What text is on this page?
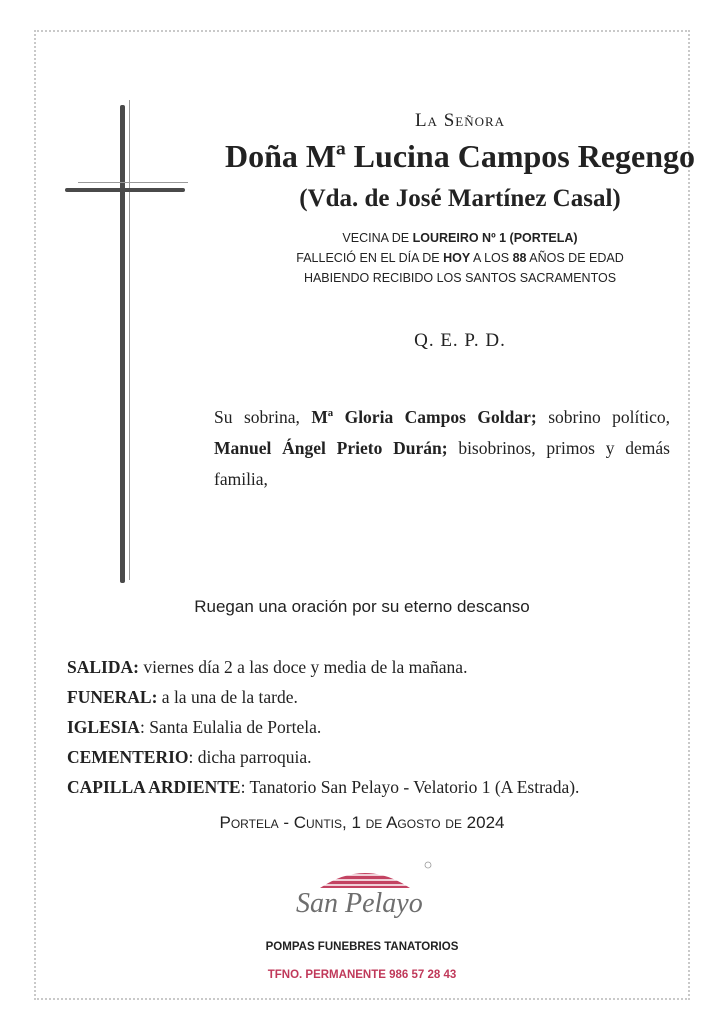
La Señora
Doña Mª Lucina Campos Regengo
(Vda. de José Martínez Casal)
VECINA DE LOUREIRO Nº 1 (PORTELA)
FALLECIÓ EN EL DÍA DE HOY A LOS 88 AÑOS DE EDAD
HABIENDO RECIBIDO LOS SANTOS SACRAMENTOS
Q. E. P. D.
Su sobrina, Mª Gloria Campos Goldar; sobrino político, Manuel Ángel Prieto Durán; bisobrinos, primos y demás familia,
Ruegan una oración por su eterno descanso
SALIDA: viernes día 2 a las doce y media de la mañana.
FUNERAL: a la una de la tarde.
IGLESIA: Santa Eulalia de Portela.
CEMENTERIO: dicha parroquia.
CAPILLA ARDIENTE: Tanatorio San Pelayo - Velatorio 1 (A Estrada).
Portela - Cuntis, 1 de Agosto de 2024
San Pelayo
POMPAS FUNEBRES TANATORIOS
TFNO. PERMANENTE 986 57 28 43
